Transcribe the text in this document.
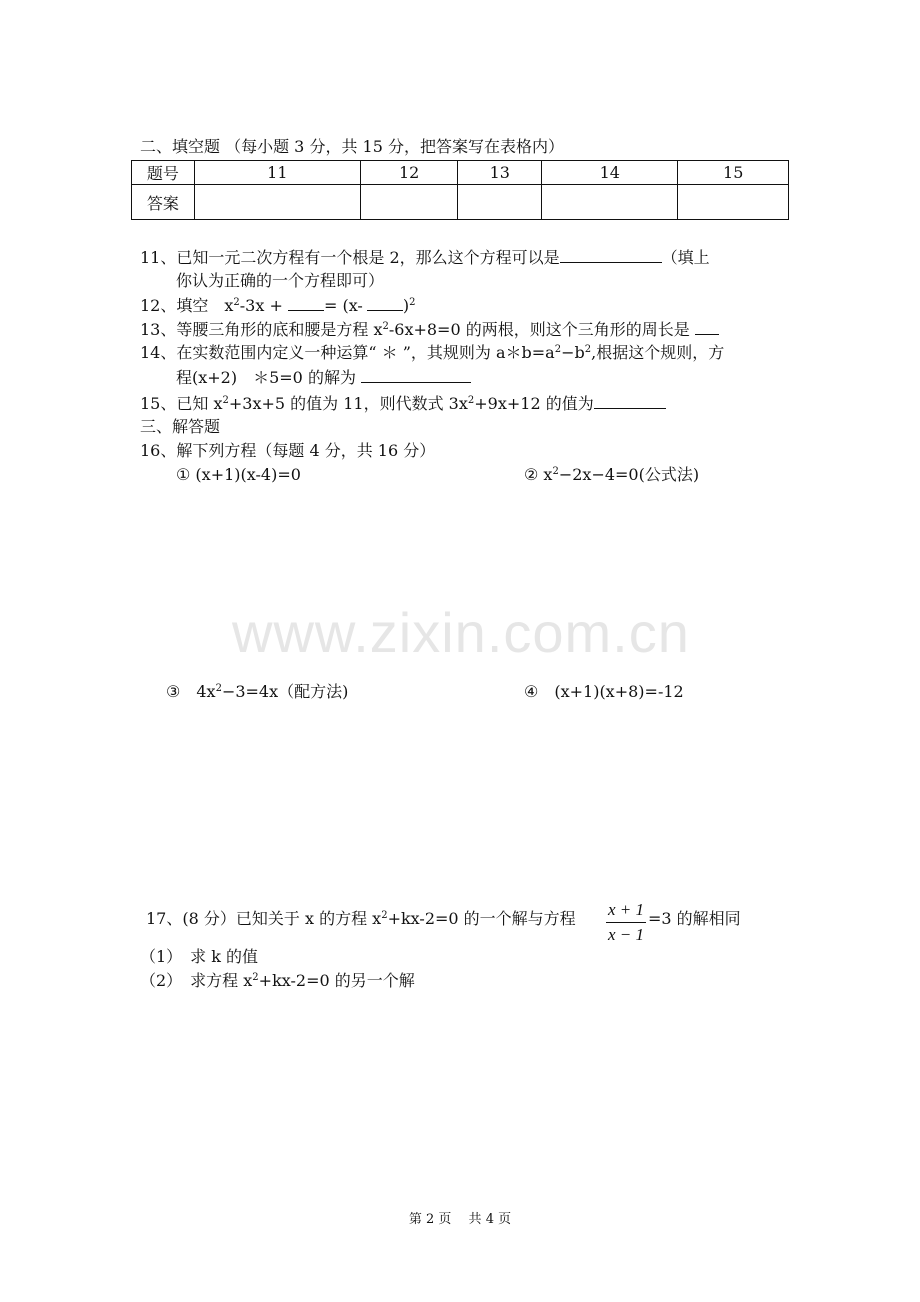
www.zixin.com.cn
二、填空题 （每小题 3 分，共 15 分，把答案写在表格内）
题号	11	12	13	14	15
答案					
11、已知一元二次方程有一个根是 2，那么这个方程可以是	（填上
你认为正确的一个方程即可）
12、填空　$x^2-3x$ + = (x-	)$^2$
13、等腰三角形的底和腰是方程 $x^2-6x+8=0$ 的两根，则这个三角形的周长是
14、在实数范围内定义一种运算“ ＊ ”，其规则为 $a*b=a^2-b^2$,根据这个规则，方
程(x+2)　＊5=0 的解为
15、已知 $x^2+3x+5$ 的值为 11，则代数式 $3x^2+9x+12$ 的值为
三、解答题
16、解下列方程（每题 4 分，共 16 分）
① (x+1)(x-4)=0	② $x^2-2x-4=0$(公式法)
③　$4x^2-3=4x$（配方法)	④　(x+1)(x+8)=-12
17、(8 分）已知关于 x 的方程 $x^2+kx-2=0$ 的一个解与方程 $\frac{x + 1}{x - 1} =3$ 的解相同
（1）　求 k 的值
（2）　求方程 $x^2+kx-2=0$ 的另一个解
第 2 页　 共 4 页
